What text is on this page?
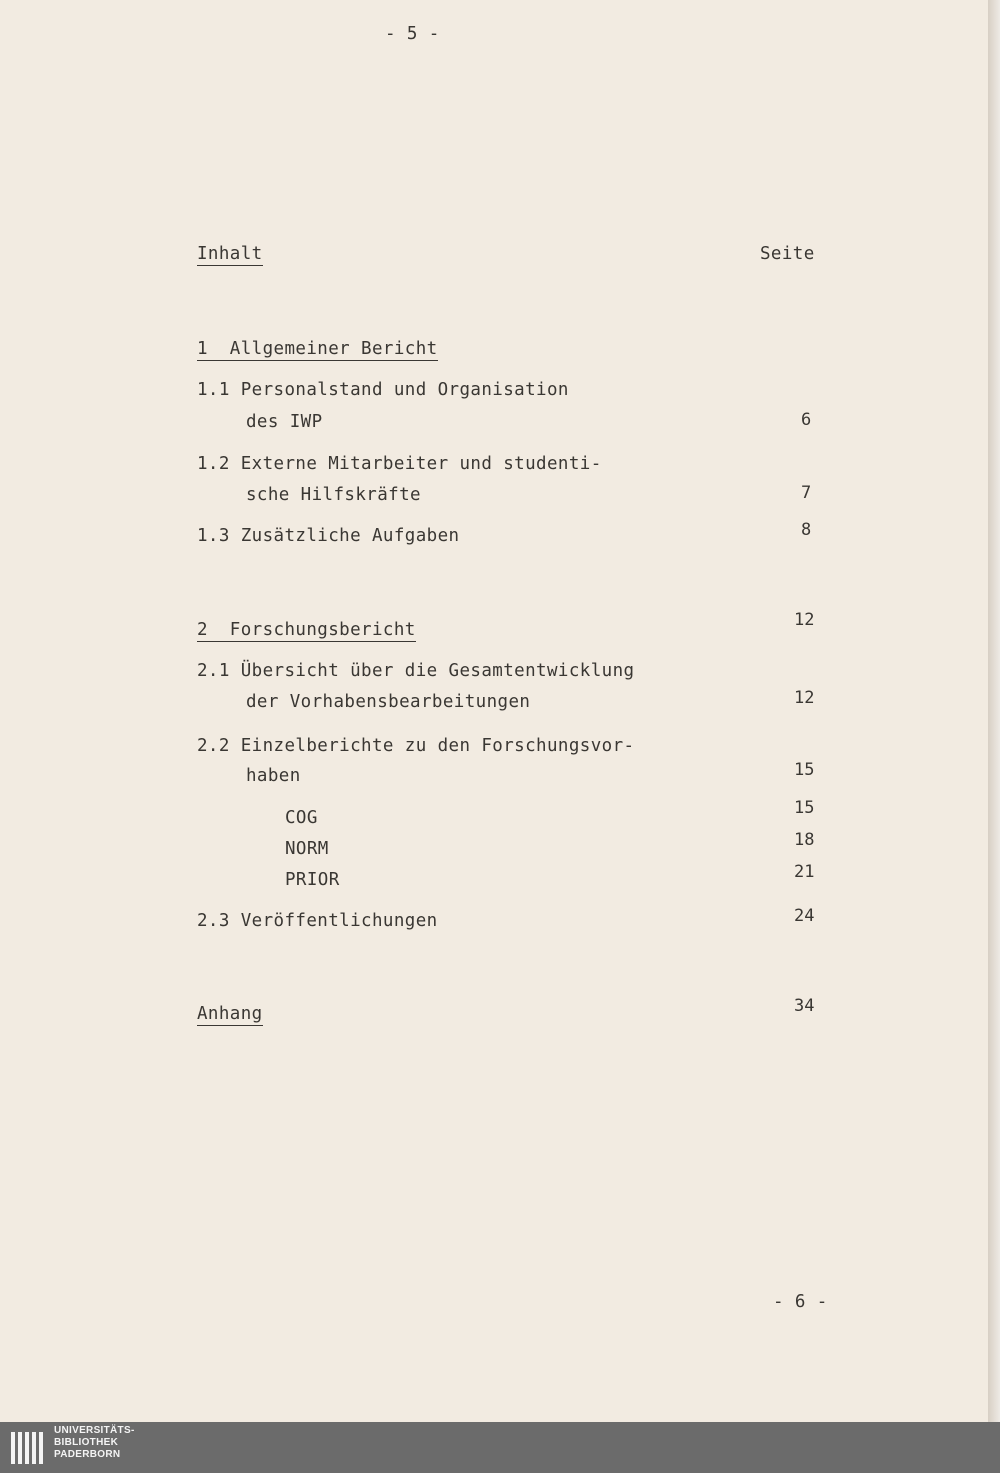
- 5 -
Inhalt	Seite
1  Allgemeiner Bericht
1.1 Personalstand und Organisation
des IWP	6
1.2 Externe Mitarbeiter und studenti-
sche Hilfskräfte	7
1.3 Zusätzliche Aufgaben	8
2  Forschungsbericht	12
2.1 Übersicht über die Gesamtentwicklung
der Vorhabensbearbeitungen	12
2.2 Einzelberichte zu den Forschungsvor-
haben	15
COG	15
NORM	18
PRIOR	21
2.3 Veröffentlichungen	24
Anhang	34
- 6 -
UNIVERSITÄTS-
BIBLIOTHEK
PADERBORN
